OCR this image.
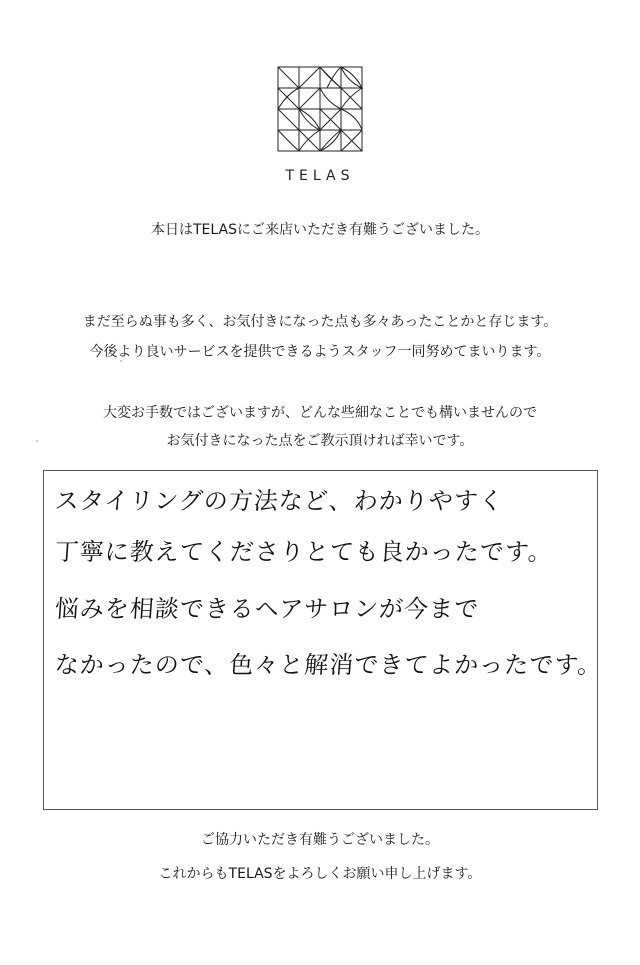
TELAS
本日はTELASにご来店いただき有難うございました。
まだ至らぬ事も多く、お気付きになった点も多々あったことかと存じます。
今後より良いサービスを提供できるようスタッフ一同努めてまいります。
大変お手数ではございますが、どんな些細なことでも構いませんので
お気付きになった点をご教示頂ければ幸いです。
スタイリングの方法など、わかりやすく
丁寧に教えてくださりとても良かったです。
悩みを相談できるヘアサロンが今まで
なかったので、色々と解消できてよかったです。
ご協力いただき有難うございました。
これからもTELASをよろしくお願い申し上げます。
